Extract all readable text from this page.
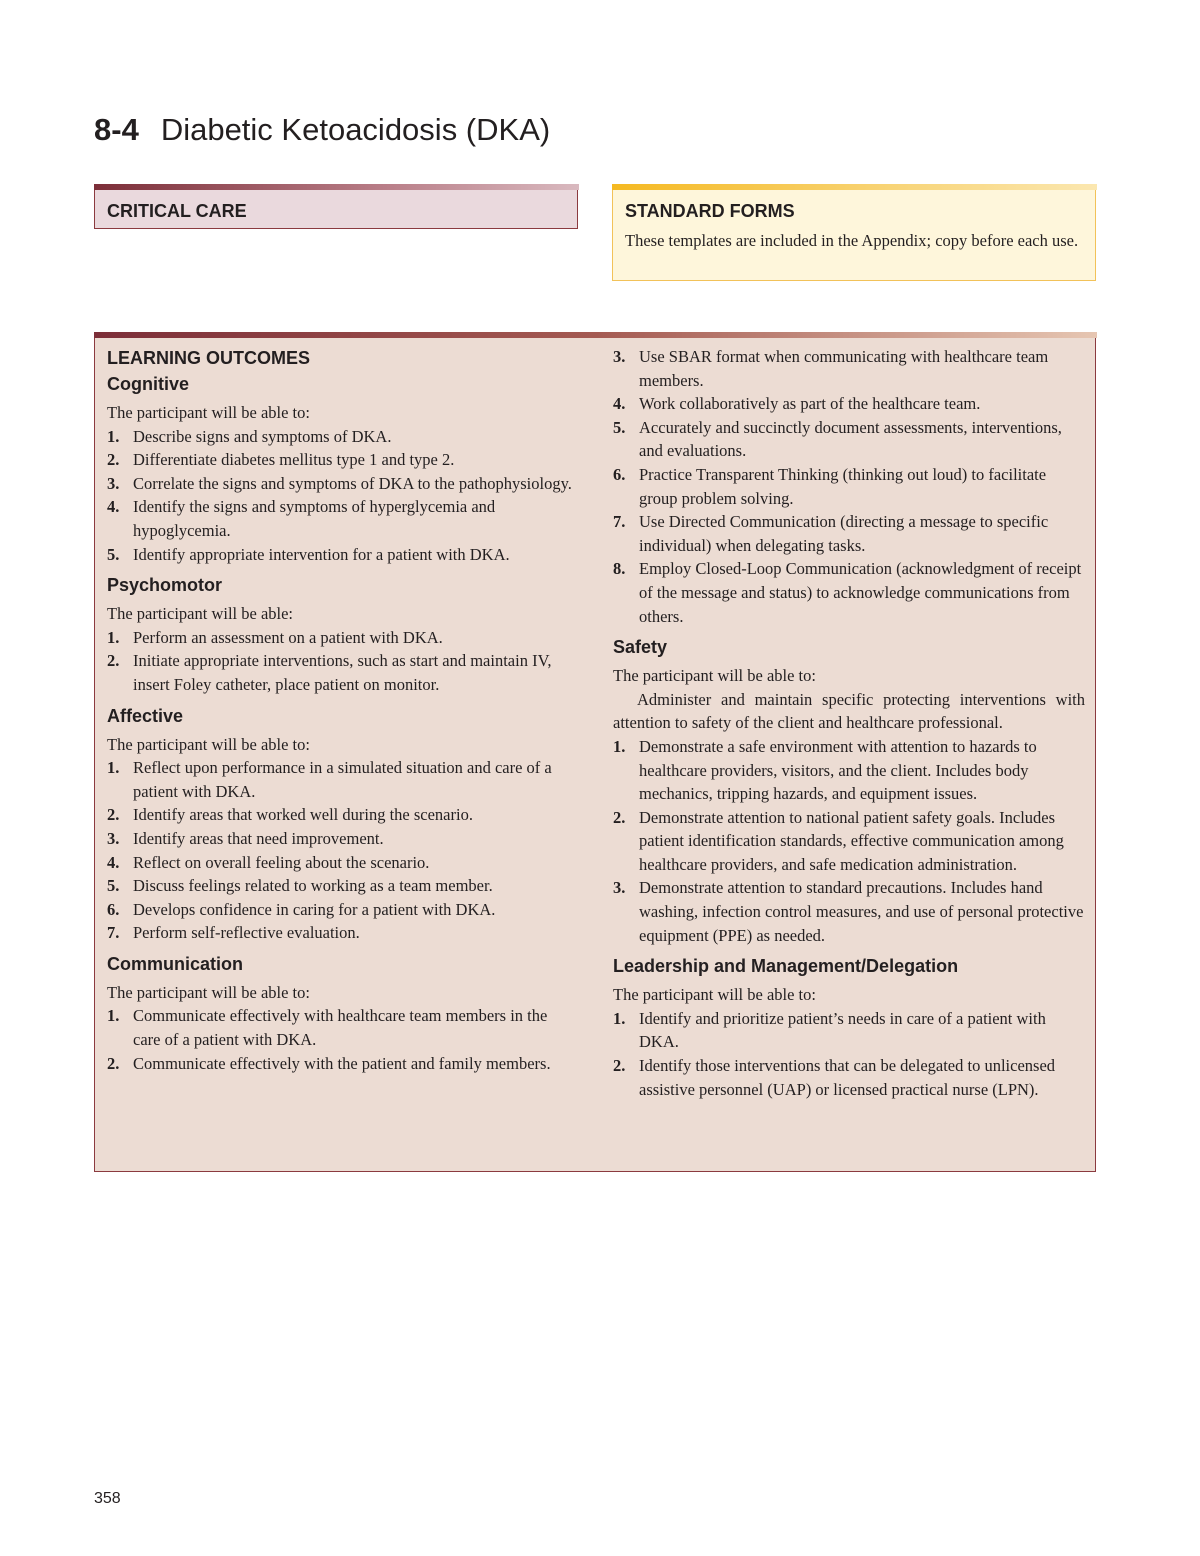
8-4 Diabetic Ketoacidosis (DKA)
CRITICAL CARE	STANDARD FORMS
These templates are included in the Appendix; copy before each use.

LEARNING OUTCOMES

Cognitive

The participant will be able to:

1. Describe signs and symptoms of DKA.
2. Differentiate diabetes mellitus type 1 and type 2.
3. Correlate the signs and symptoms of DKA to the pathophysiology.
4. Identify the signs and symptoms of hyperglycemia and hypoglycemia.
5. Identify appropriate intervention for a patient with DKA.
Psychomotor

The participant will be able:

1. Perform an assessment on a patient with DKA.
2. Initiate appropriate interventions, such as start and maintain IV, insert Foley catheter, place patient on monitor.
Affective

The participant will be able to:

1. Reflect upon performance in a simulated situation and care of a patient with DKA.
2. Identify areas that worked well during the scenario.
3. Identify areas that need improvement.
4. Reflect on overall feeling about the scenario.
5. Discuss feelings related to working as a team member.
6. Develops confidence in caring for a patient with DKA.
7. Perform self-reflective evaluation.
Communication

The participant will be able to:

1. Communicate effectively with healthcare team members in the care of a patient with DKA.
2. Communicate effectively with the patient and family members.
3. Use SBAR format when communicating with healthcare team members.
4. Work collaboratively as part of the healthcare team.
5. Accurately and succinctly document assessments, interventions, and evaluations.
6. Practice Transparent Thinking (thinking out loud) to facilitate group problem solving.
7. Use Directed Communication (directing a message to specific individual) when delegating tasks.
8. Employ Closed-Loop Communication (acknowledgment of receipt of the message and status) to acknowledge communications from others.
Safety

The participant will be able to:

Administer and maintain specific protecting interventions with attention to safety of the client and healthcare professional.

1. Demonstrate a safe environment with attention to hazards to healthcare providers, visitors, and the client. Includes body mechanics, tripping hazards, and equipment issues.
2. Demonstrate attention to national patient safety goals. Includes patient identification standards, effective communication among healthcare providers, and safe medication administration.
3. Demonstrate attention to standard precautions. Includes hand washing, infection control measures, and use of personal protective equipment (PPE) as needed.
Leadership and Management/Delegation

The participant will be able to:

1. Identify and prioritize patient’s needs in care of a patient with DKA.
2. Identify those interventions that can be delegated to unlicensed assistive personnel (UAP) or licensed practical nurse (LPN).
358
